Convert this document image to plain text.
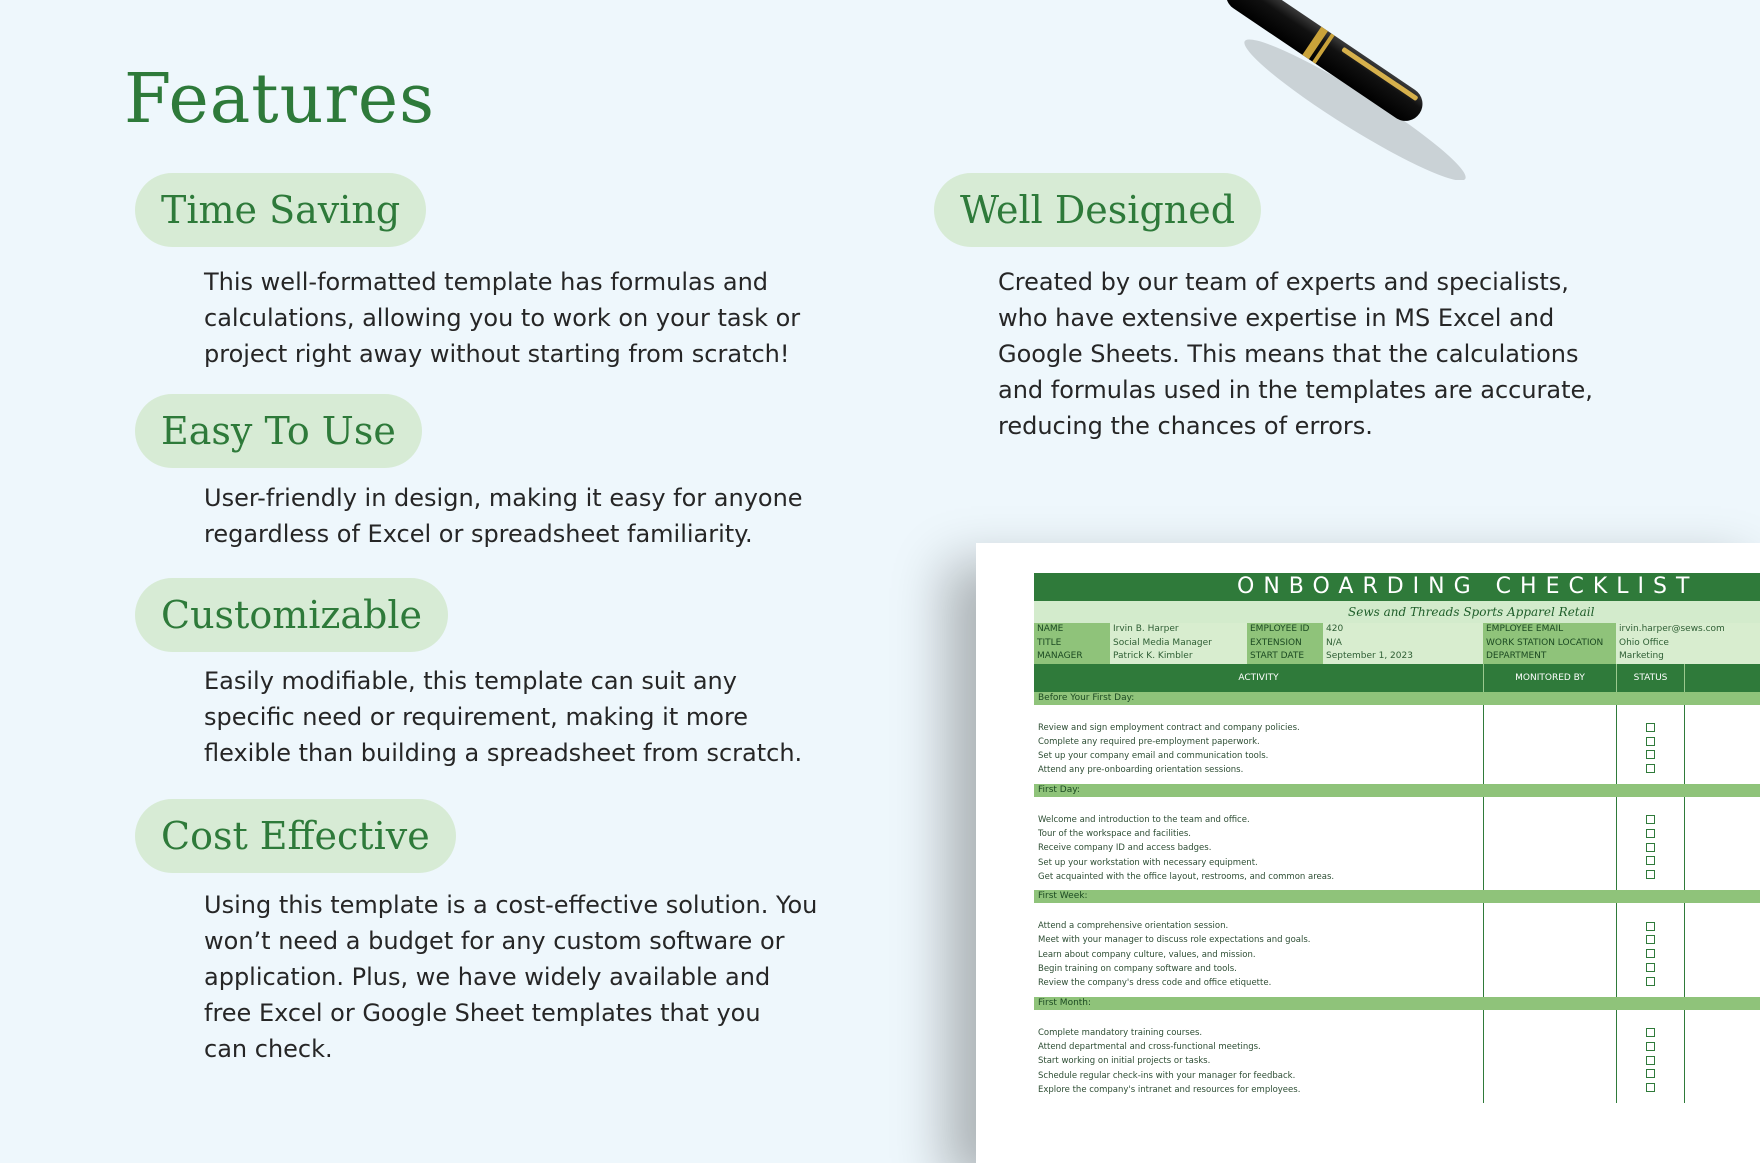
Features
Time Saving

This well-formatted template has formulas and
calculations, allowing you to work on your task or
project right away without starting from scratch!

Easy To Use

User-friendly in design, making it easy for anyone
regardless of Excel or spreadsheet familiarity.

Customizable

Easily modifiable, this template can suit any
specific need or requirement, making it more
flexible than building a spreadsheet from scratch.

Cost Effective

Using this template is a cost-effective solution. You
won’t need a budget for any custom software or
application. Plus, we have widely available and
free Excel or Google Sheet templates that you
can check.

Well Designed

Created by our team of experts and specialists,
who have extensive expertise in MS Excel and
Google Sheets. This means that the calculations
and formulas used in the templates are accurate,
reducing the chances of errors.

ONBOARDING CHECKLIST
Sews and Threads Sports Apparel Retail
NAME
TITLE
MANAGER
Irvin B. Harper
Social Media Manager
Patrick K. Kimbler
EMPLOYEE ID
EXTENSION
START DATE
420
N/A
September 1, 2023
EMPLOYEE EMAIL
WORK STATION LOCATION
DEPARTMENT
irvin.harper@sews.com
Ohio Office
Marketing
ACTIVITY	MONITORED BY	STATUS
Before Your First Day:
Review and sign employment contract and company policies.
Complete any required pre-employment paperwork.
Set up your company email and communication tools.
Attend any pre-onboarding orientation sessions.
First Day:
Welcome and introduction to the team and office.
Tour of the workspace and facilities.
Receive company ID and access badges.
Set up your workstation with necessary equipment.
Get acquainted with the office layout, restrooms, and common areas.
First Week:
Attend a comprehensive orientation session.
Meet with your manager to discuss role expectations and goals.
Learn about company culture, values, and mission.
Begin training on company software and tools.
Review the company's dress code and office etiquette.
First Month:
Complete mandatory training courses.
Attend departmental and cross-functional meetings.
Start working on initial projects or tasks.
Schedule regular check-ins with your manager for feedback.
Explore the company's intranet and resources for employees.
